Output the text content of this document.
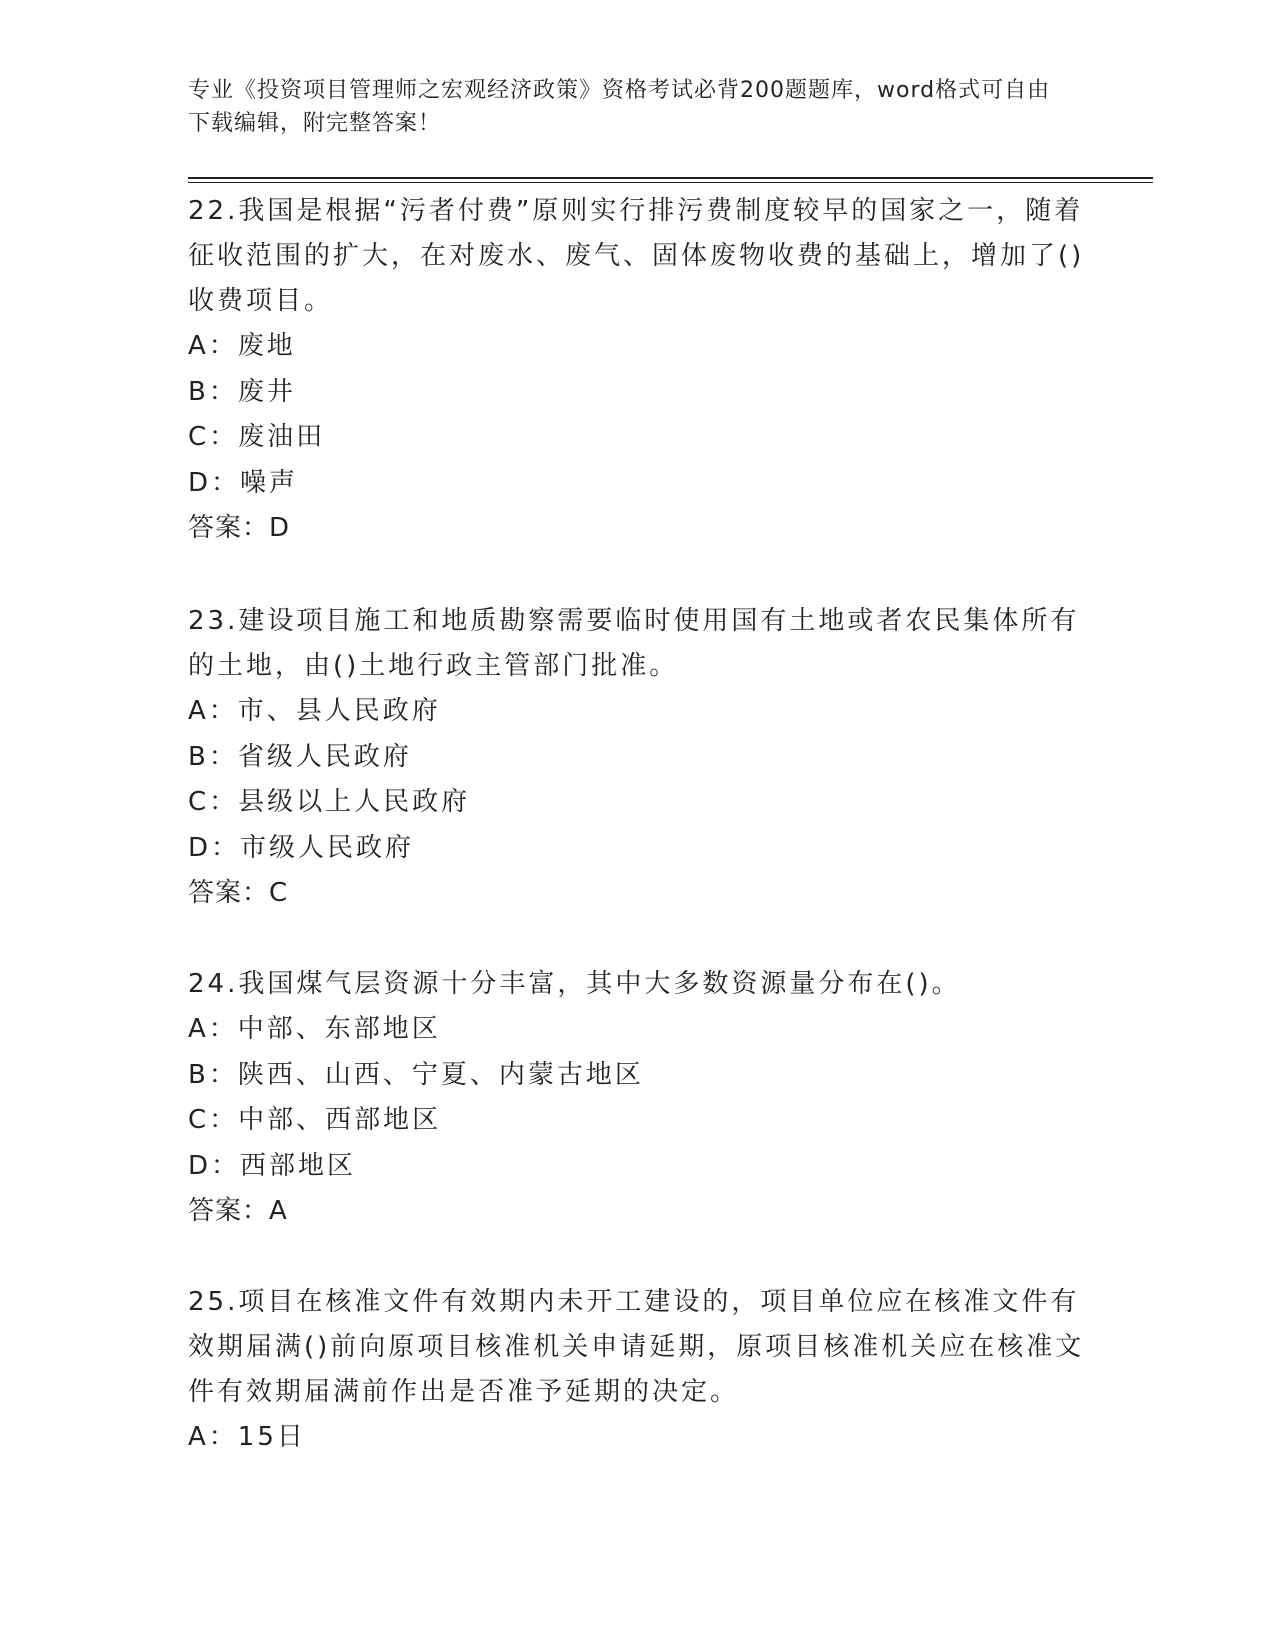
专业《投资项目管理师之宏观经济政策》资格考试必背200题题库，word格式可自由下载编辑，附完整答案！

22.我国是根据“污者付费”原则实行排污费制度较早的国家之一，随着征收范围的扩大，在对废水、废气、固体废物收费的基础上，增加了()收费项目。

A：废地

B：废井

C：废油田

D：噪声

答案：D

23.建设项目施工和地质勘察需要临时使用国有土地或者农民集体所有的土地，由()土地行政主管部门批准。

A：市、县人民政府

B：省级人民政府

C：县级以上人民政府

D：市级人民政府

答案：C

24.我国煤气层资源十分丰富，其中大多数资源量分布在()。

A：中部、东部地区

B：陕西、山西、宁夏、内蒙古地区

C：中部、西部地区

D：西部地区

答案：A

25.项目在核准文件有效期内未开工建设的，项目单位应在核准文件有效期届满()前向原项目核准机关申请延期，原项目核准机关应在核准文件有效期届满前作出是否准予延期的决定。

A：15日
